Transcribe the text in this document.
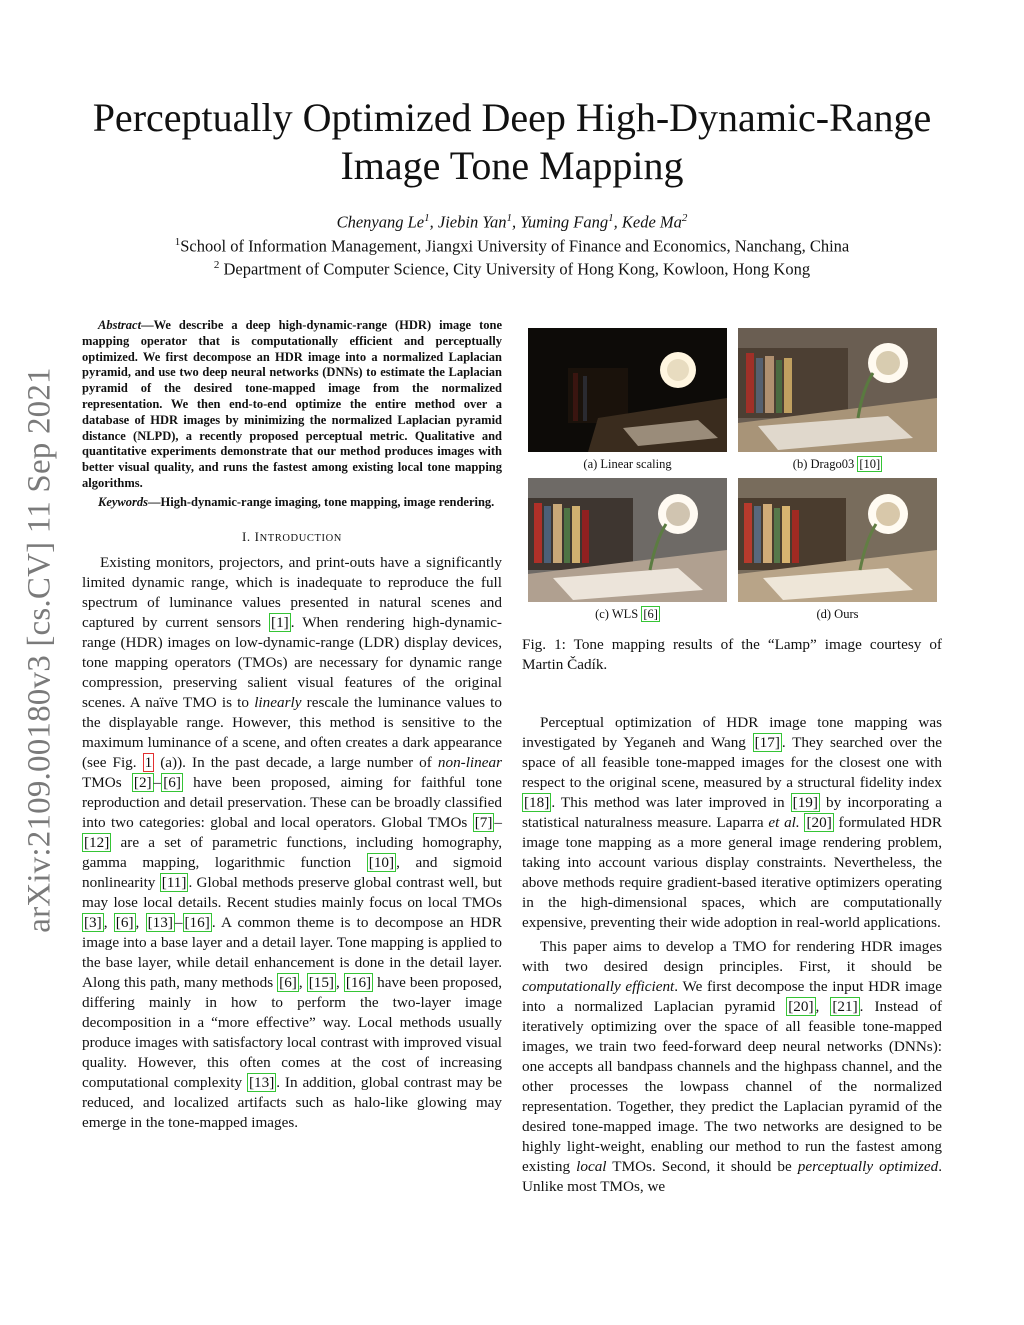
arXiv:2109.00180v3 [cs.CV] 11 Sep 2021
Perceptually Optimized Deep High-Dynamic-Range
Image Tone Mapping
Chenyang Le$^1$, Jiebin Yan$^1$, Yuming Fang$^1$, Kede Ma$^2$
$^1$School of Information Management, Jiangxi University of Finance and Economics, Nanchang, China
$^2$ Department of Computer Science, City University of Hong Kong, Kowloon, Hong Kong

Abstract—We describe a deep high-dynamic-range (HDR) image tone mapping operator that is computationally efficient and perceptually optimized. We first decompose an HDR image into a normalized Laplacian pyramid, and use two deep neural networks (DNNs) to estimate the Laplacian pyramid of the desired tone-mapped image from the normalized representation. We then end-to-end optimize the entire method over a database of HDR images by minimizing the normalized Laplacian pyramid distance (NLPD), a recently proposed perceptual metric. Qualitative and quantitative experiments demonstrate that our method produces images with better visual quality, and runs the fastest among existing local tone mapping algorithms.

Keywords—High-dynamic-range imaging, tone mapping, image rendering.

I. INTRODUCTION

Existing monitors, projectors, and print-outs have a significantly limited dynamic range, which is inadequate to reproduce the full spectrum of luminance values presented in natural scenes and captured by current sensors [1] . When rendering high-dynamic-range (HDR) images on low-dynamic-range (LDR) display devices, tone mapping operators (TMOs) are necessary for dynamic range compression, preserving salient visual features of the original scenes. A naïve TMO is to linearly rescale the luminance values to the displayable range. However, this method is sensitive to the maximum luminance of a scene, and often creates a dark appearance (see Fig. 1 (a)). In the past decade, a large number of non-linear TMOs [2] – [6] have been proposed, aiming for faithful tone reproduction and detail preservation. These can be broadly classified into two categories: global and local operators. Global TMOs [7] –[12] are a set of parametric functions, including homography, gamma mapping, logarithmic function [10] , and sigmoid nonlinearity [11] . Global methods preserve global contrast well, but may lose local details. Recent studies mainly focus on local TMOs [3] , [6] , [13] – [16] . A common theme is to decompose an HDR image into a base layer and a detail layer. Tone mapping is applied to the base layer, while detail enhancement is done in the detail layer. Along this path, many methods [6] , [15] , [16] have been proposed, differing mainly in how to perform the two-layer image decomposition in a “more effective” way. Local methods usually produce images with satisfactory local contrast with improved visual quality. However, this often comes at the cost of increasing computational complexity [13] . In addition, global contrast may be reduced, and localized artifacts such as halo-like glowing may emerge in the tone-mapped images.

(a) Linear scaling	(b) Drago03 [10]
(c) WLS [6]	(d) Ours
Fig. 1: Tone mapping results of the “Lamp” image courtesy of Martin Čadík.

Perceptual optimization of HDR image tone mapping was investigated by Yeganeh and Wang [17] . They searched over the space of all feasible tone-mapped images for the closest one with respect to the original scene, measured by a structural fidelity index [18] . This method was later improved in [19] by incorporating a statistical naturalness measure. Laparra et al. [20] formulated HDR image tone mapping as a more general image rendering problem, taking into account various display constraints. Nevertheless, the above methods require gradient-based iterative optimizers operating in the high-dimensional spaces, which are computationally expensive, preventing their wide adoption in real-world applications.

This paper aims to develop a TMO for rendering HDR images with two desired design principles. First, it should be computationally efficient. We first decompose the input HDR image into a normalized Laplacian pyramid [20] , [21] . Instead of iteratively optimizing over the space of all feasible tone-mapped images, we train two feed-forward deep neural networks (DNNs): one accepts all bandpass channels and the highpass channel, and the other processes the lowpass channel of the normalized representation. Together, they predict the Laplacian pyramid of the desired tone-mapped image. The two networks are designed to be highly light-weight, enabling our method to run the fastest among existing local TMOs. Second, it should be perceptually optimized. Unlike most TMOs, we
